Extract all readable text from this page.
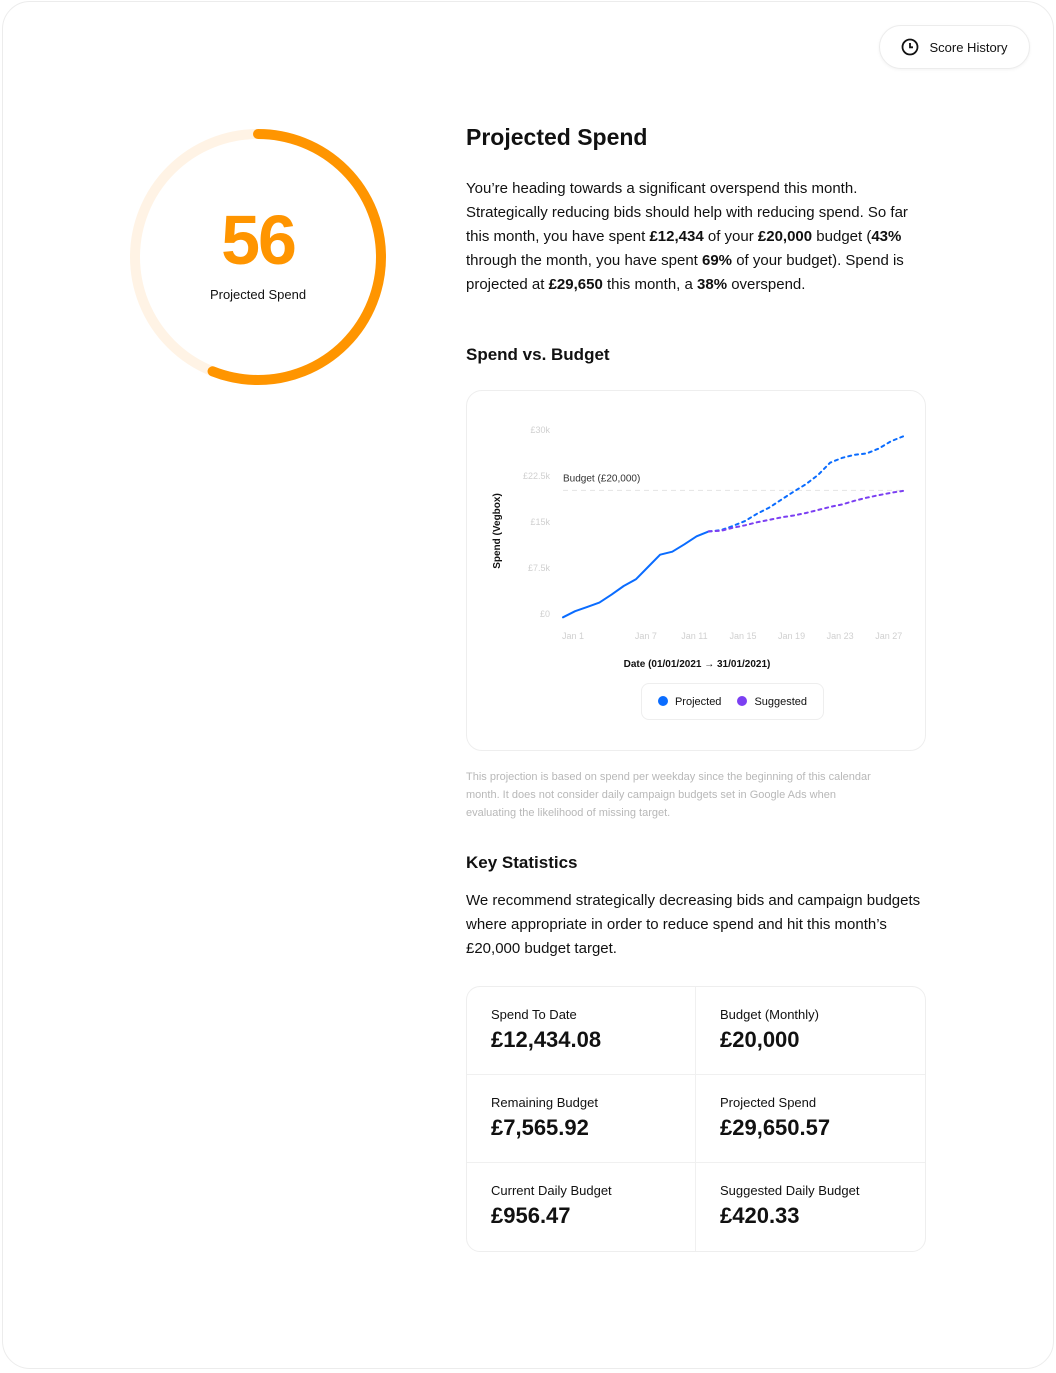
Score History
56
Projected Spend
Projected Spend

You’re heading towards a significant overspend this month. Strategically reducing bids should help with reducing spend. So far this month, you have spent £12,434 of your £20,000 budget (43% through the month, you have spent 69% of your budget). Spend is projected at £29,650 this month, a 38% overspend.

Spend vs. Budget
£0
£7.5k
£15k
£22.5k
£30k
Jan 1	Jan 7	Jan 11 Jan 15 Jan 19 Jan 23 Jan 27
Budget (£20,000)
Date (01/01/2021 → 31/01/2021)
Spend (Vegbox)
Projected	Suggested

This projection is based on spend per weekday since the beginning of this calendar month. It does not consider daily campaign budgets set in Google Ads when evaluating the likelihood of missing target.

Key Statistics

We recommend strategically decreasing bids and campaign budgets where appropriate in order to reduce spend and hit this month’s £20,000 budget target.

Spend To Date
£12,434.08
Budget (Monthly)
£20,000
Remaining Budget
£7,565.92
Projected Spend
£29,650.57
Current Daily Budget
£956.47
Suggested Daily Budget
£420.33
